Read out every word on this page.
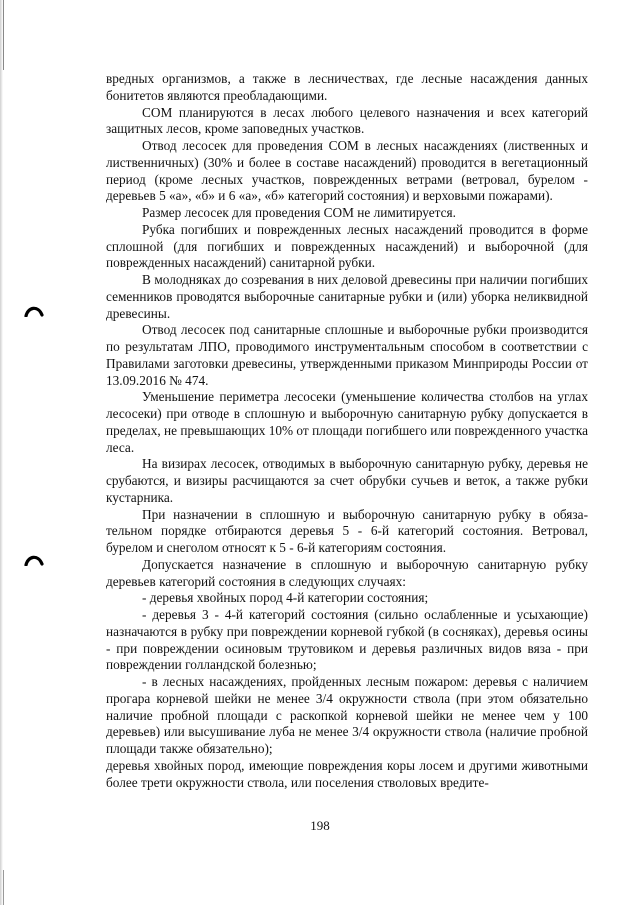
вредных организмов, а также в лесничествах, где лесные насаждения данных бонитетов являются преобладающими.

СОМ планируются в лесах любого целевого назначения и всех категорий защитных лесов, кроме заповедных участков.

Отвод лесосек для проведения СОМ в лесных насаждениях (лиственных и лиственничных) (30% и более в составе насаждений) проводится в вегетационный период (кроме лесных участков, поврежденных ветрами (ветровал, бурелом - деревьев 5 «а», «б» и 6 «а», «б» категорий состояния) и верховыми пожарами).

Размер лесосек для проведения СОМ не лимитируется.

Рубка погибших и поврежденных лесных насаждений проводится в форме сплошной (для погибших и поврежденных насаждений) и выборочной (для поврежденных насаждений) санитарной рубки.

В молодняках до созревания в них деловой древесины при наличии погибших семенников проводятся выборочные санитарные рубки и (или) уборка неликвидной древесины.

Отвод лесосек под санитарные сплошные и выборочные рубки производится по результатам ЛПО, проводимого инструментальным способом в соответствии с Правилами заготовки древесины, утвержденными приказом Минприроды России от 13.09.2016 № 474.

Уменьшение периметра лесосеки (уменьшение количества столбов на углах лесосеки) при отводе в сплошную и выборочную санитарную рубку допускается в пределах, не превышающих 10% от площади погибшего или поврежденного участка леса.

На визирах лесосек, отводимых в выборочную санитарную рубку, деревья не срубаются, и визиры расчищаются за счет обрубки сучьев и веток, а также рубки кустарника.

При назначении в сплошную и выборочную санитарную рубку в обязательном порядке отбираются деревья 5 - 6-й категорий состояния. Ветровал, бурелом и снеголом относят к 5 - 6-й категориям состояния.

Допускается назначение в сплошную и выборочную санитарную рубку деревьев категорий состояния в следующих случаях:

- деревья хвойных пород 4-й категории состояния;

- деревья 3 - 4-й категорий состояния (сильно ослабленные и усыхающие) назначаются в рубку при повреждении корневой губкой (в сосняках), деревья осины - при повреждении осиновым трутовиком и деревья различных видов вяза - при повреждении голландской болезнью;

- в лесных насаждениях, пройденных лесным пожаром: деревья с наличием прогара корневой шейки не менее 3/4 окружности ствола (при этом обязательно наличие пробной площади с раскопкой корневой шейки не менее чем у 100 деревьев) или высушивание луба не менее 3/4 окружности ствола (наличие пробной площади также обязательно);

деревья хвойных пород, имеющие повреждения коры лосем и другими животными более трети окружности ствола, или поселения стволовых вредите-

198
